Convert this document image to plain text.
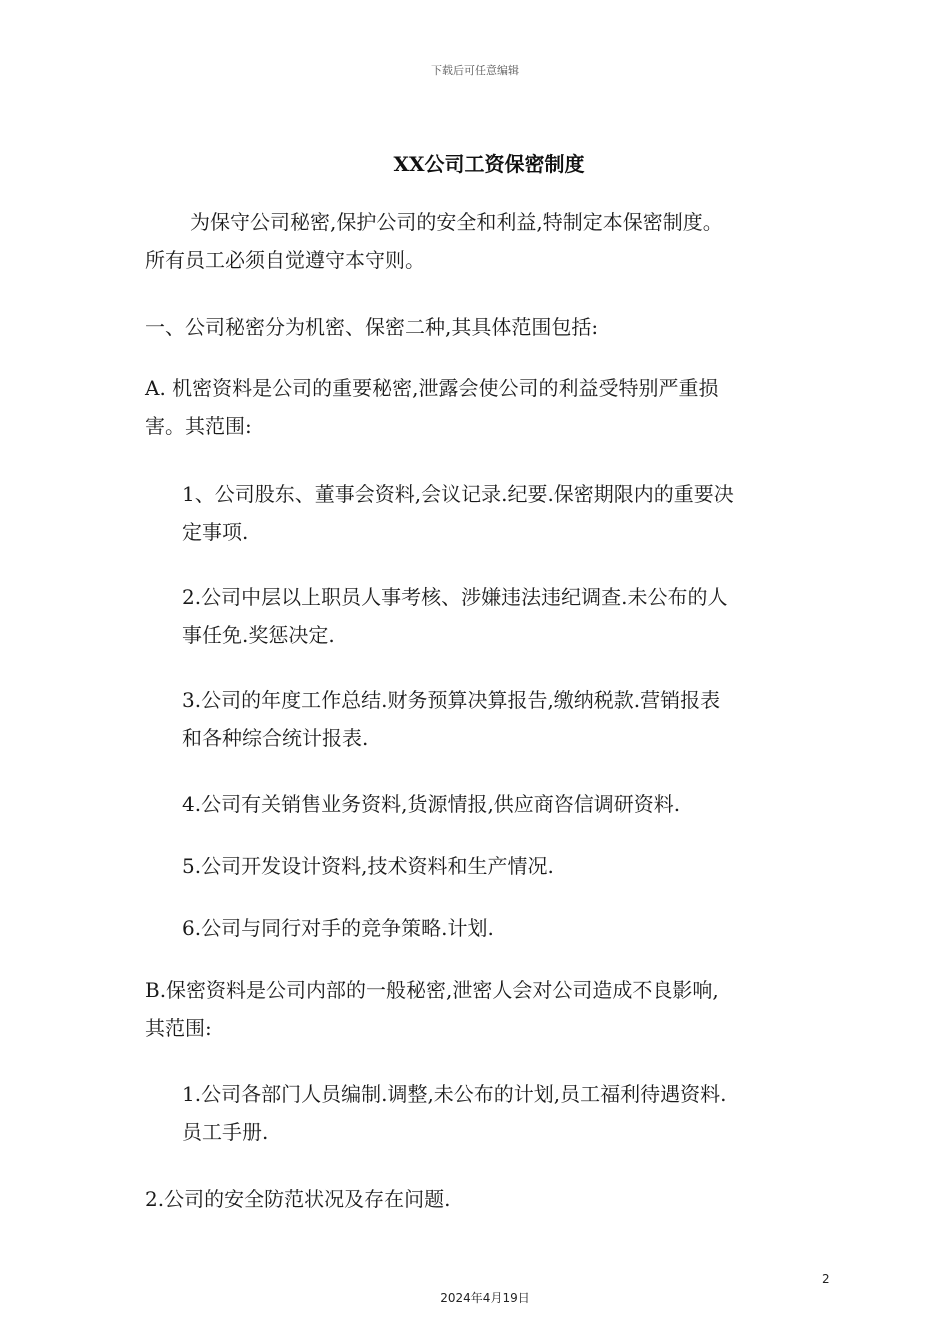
下载后可任意编辑
XX公司工资保密制度

为保守公司秘密,保护公司的安全和利益,特制定本保密制度。
所有员工必须自觉遵守本守则。

一、公司秘密分为机密、保密二种,其具体范围包括:

A. 机密资料是公司的重要秘密,泄露会使公司的利益受特别严重损
害。其范围:

1、公司股东、董事会资料,会议记录.纪要.保密期限内的重要决
定事项.

2.公司中层以上职员人事考核、涉嫌违法违纪调查.未公布的人
事任免.奖惩决定.

3.公司的年度工作总结.财务预算决算报告,缴纳税款.营销报表
和各种综合统计报表.

4.公司有关销售业务资料,货源情报,供应商咨信调研资料.

5.公司开发设计资料,技术资料和生产情况.

6.公司与同行对手的竞争策略.计划.

B.保密资料是公司内部的一般秘密,泄密人会对公司造成不良影响,
其范围:

1.公司各部门人员编制.调整,未公布的计划,员工福利待遇资料.
员工手册.

2.公司的安全防范状况及存在问题.

2
2024年4月19日
